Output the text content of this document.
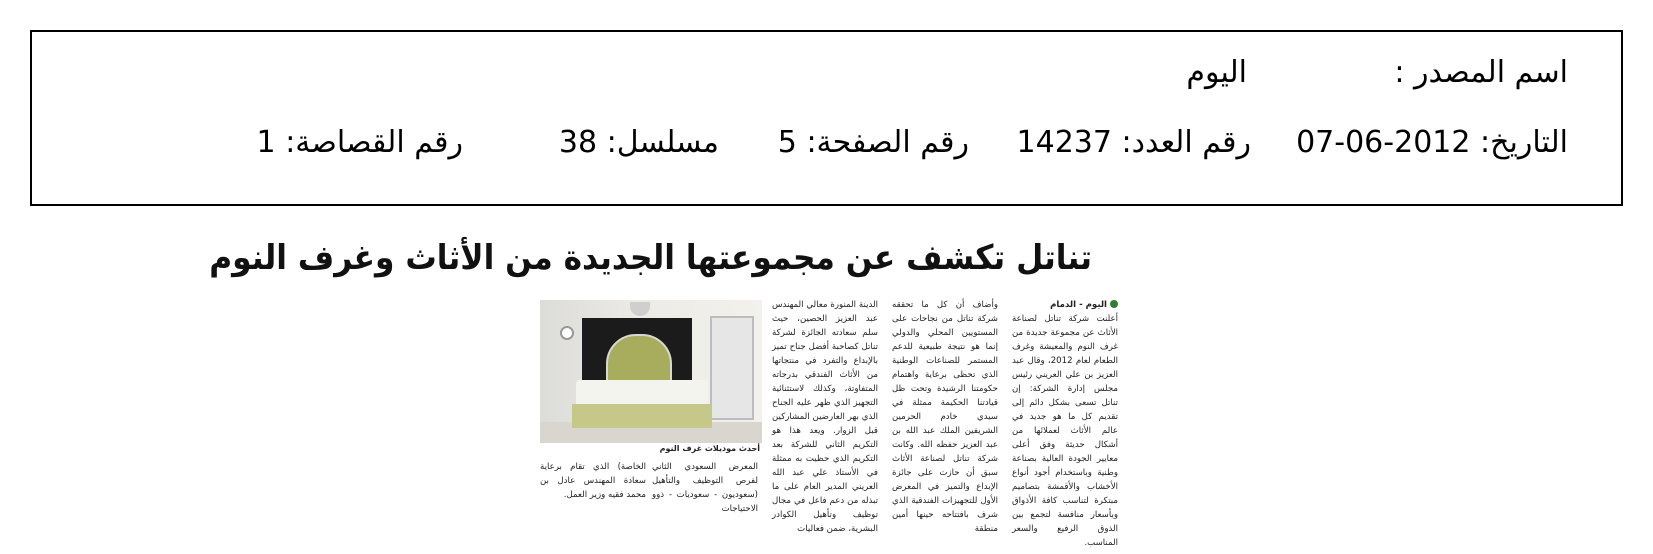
اسم المصدر :
اليوم
التاريخ: 2012-06-07
رقم العدد: 14237
رقم الصفحة: 5
مسلسل: 38
رقم القصاصة: 1
تناتل تكشف عن مجموعتها الجديدة من الأثاث وغرف النوم
اليوم - الدمام
أعلنت شركة تناتل لصناعة الأثاث عن مجموعة جديدة من غرف النوم والمعيشة وغرف الطعام لعام 2012، وقال عبد العزيز بن علي العريني رئيس مجلس إدارة الشركة: إن تناتل تسعى بشكل دائم إلى تقديم كل ما هو جديد في عالم الأثاث لعملائها من أشكال حديثة وفق أعلى معايير الجودة العالية بصناعة وطنية وباستخدام أجود أنواع الأخشاب والأقمشة بتصاميم مبتكرة لتناسب كافة الأذواق وبأسعار منافسة لتجمع بين الذوق الرفيع والسعر المناسب.
وأضاف أن كل ما تحققه شركة تناتل من نجاحات على المستويين المحلي والدولي إنما هو نتيجة طبيعية للدعم المستمر للصناعات الوطنية الذي تحظى برعاية واهتمام حكومتنا الرشيدة وتحت ظل قيادتنا الحكيمة ممثلة في سيدي خادم الحرمين الشريفين الملك عبد الله بن عبد العزيز حفظه الله. وكانت شركة تناتل لصناعة الأثاث سبق أن حازت على جائزة الإبداع والتميز في المعرض الأول للتجهيزات الفندقية الذي شرف بافتتاحه حينها أمين منطقة
الدينة المنورة معالي المهندس عبد العزيز الحصين، حيث سلم سعادته الجائزة لشركة تناتل كصاحبة أفضل جناح تميز بالإبداع والتفرد في منتجاتها من الأثاث الفندقي بدرجاته المتفاوتة، وكذلك لاستثنائية التجهيز الذي ظهر عليه الجناح الذي بهر العارضين المشاركين قبل الزوار. ويعد هذا هو التكريم الثاني للشركة بعد التكريم الذي حظيت به ممثلة في الأستاذ علي عبد الله العريني المدير العام على ما تبذله من دعم فاعل في مجال توظيف وتأهيل الكوادر البشرية، ضمن فعاليات
أحدث موديلات غرف النوم
المعرض السعودي الثاني لفرص التوظيف والتأهيل (سعوديون - سعوديات - ذوو الاحتياجات
الخاصة) الذي تقام برعاية سعادة المهندس عادل بن محمد فقيه وزير العمل.
